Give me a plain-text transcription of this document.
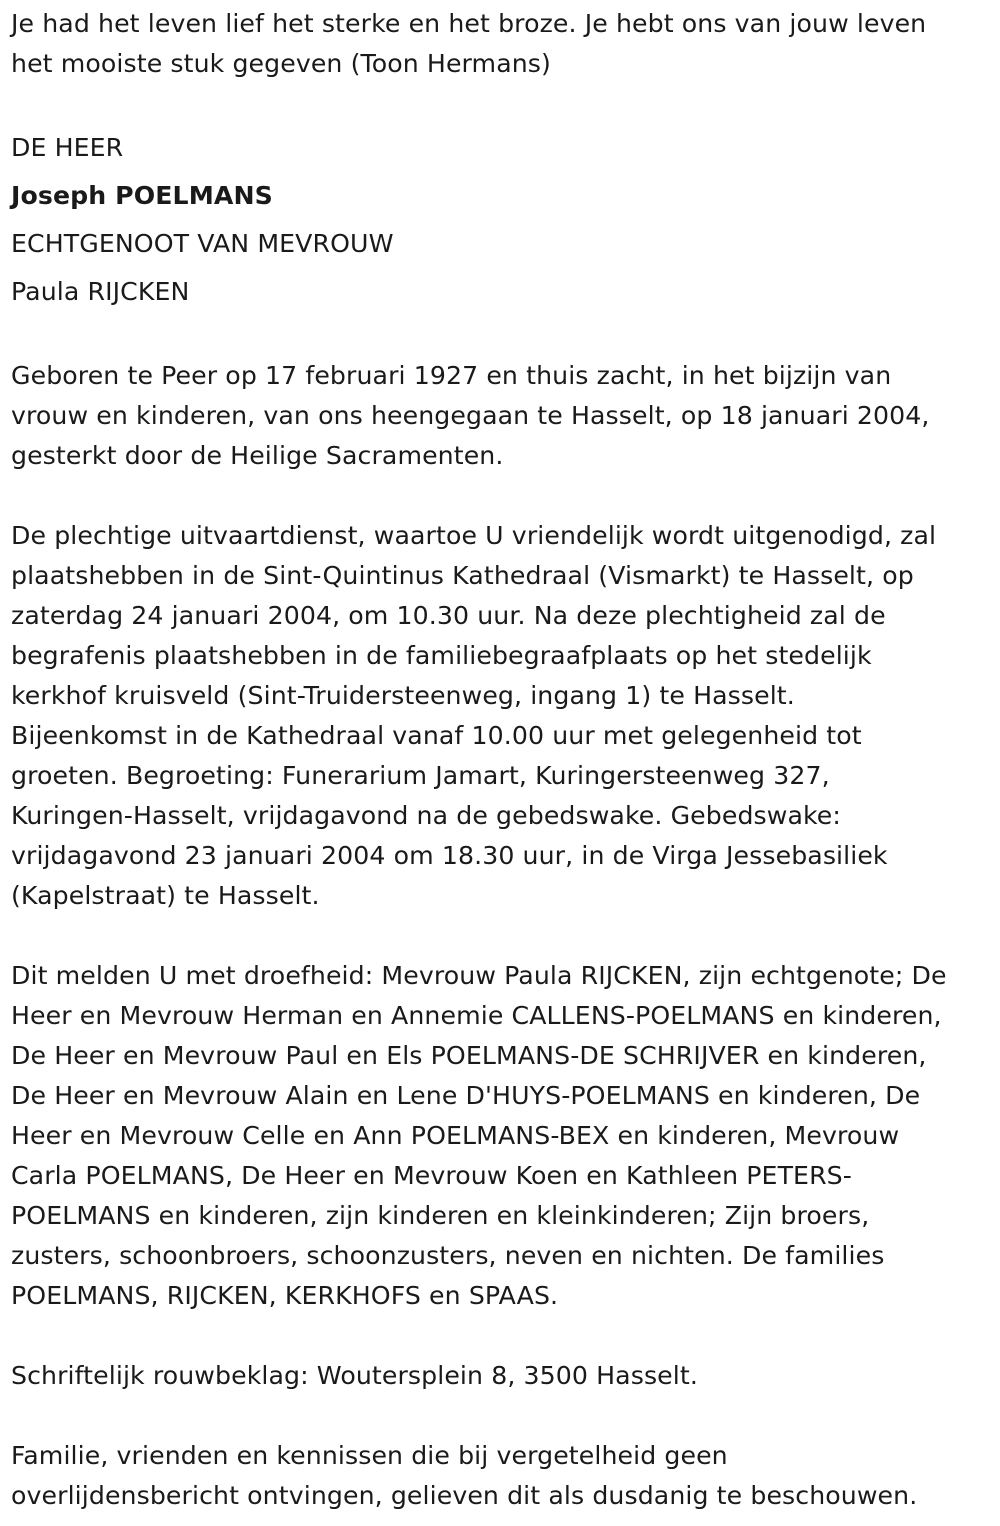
Je had het leven lief het sterke en het broze. Je hebt ons van jouw leven
het mooiste stuk gegeven (Toon Hermans)
DE HEER
Joseph POELMANS
ECHTGENOOT VAN MEVROUW
Paula RIJCKEN
Geboren te Peer op 17 februari 1927 en thuis zacht, in het bijzijn van
vrouw en kinderen, van ons heengegaan te Hasselt, op 18 januari 2004,
gesterkt door de Heilige Sacramenten.
De plechtige uitvaartdienst, waartoe U vriendelijk wordt uitgenodigd, zal
plaatshebben in de Sint-Quintinus Kathedraal (Vismarkt) te Hasselt, op
zaterdag 24 januari 2004, om 10.30 uur. Na deze plechtigheid zal de
begrafenis plaatshebben in de familiebegraafplaats op het stedelijk
kerkhof kruisveld (Sint-Truidersteenweg, ingang 1) te Hasselt.
Bijeenkomst in de Kathedraal vanaf 10.00 uur met gelegenheid tot
groeten. Begroeting: Funerarium Jamart, Kuringersteenweg 327,
Kuringen-Hasselt, vrijdagavond na de gebedswake. Gebedswake:
vrijdagavond 23 januari 2004 om 18.30 uur, in de Virga Jessebasiliek
(Kapelstraat) te Hasselt.
Dit melden U met droefheid: Mevrouw Paula RIJCKEN, zijn echtgenote; De
Heer en Mevrouw Herman en Annemie CALLENS-POELMANS en kinderen,
De Heer en Mevrouw Paul en Els POELMANS-DE SCHRIJVER en kinderen,
De Heer en Mevrouw Alain en Lene D'HUYS-POELMANS en kinderen, De
Heer en Mevrouw Celle en Ann POELMANS-BEX en kinderen, Mevrouw
Carla POELMANS, De Heer en Mevrouw Koen en Kathleen PETERS-
POELMANS en kinderen, zijn kinderen en kleinkinderen; Zijn broers,
zusters, schoonbroers, schoonzusters, neven en nichten. De families
POELMANS, RIJCKEN, KERKHOFS en SPAAS.
Schriftelijk rouwbeklag: Woutersplein 8, 3500 Hasselt.
Familie, vrienden en kennissen die bij vergetelheid geen
overlijdensbericht ontvingen, gelieven dit als dusdanig te beschouwen.
